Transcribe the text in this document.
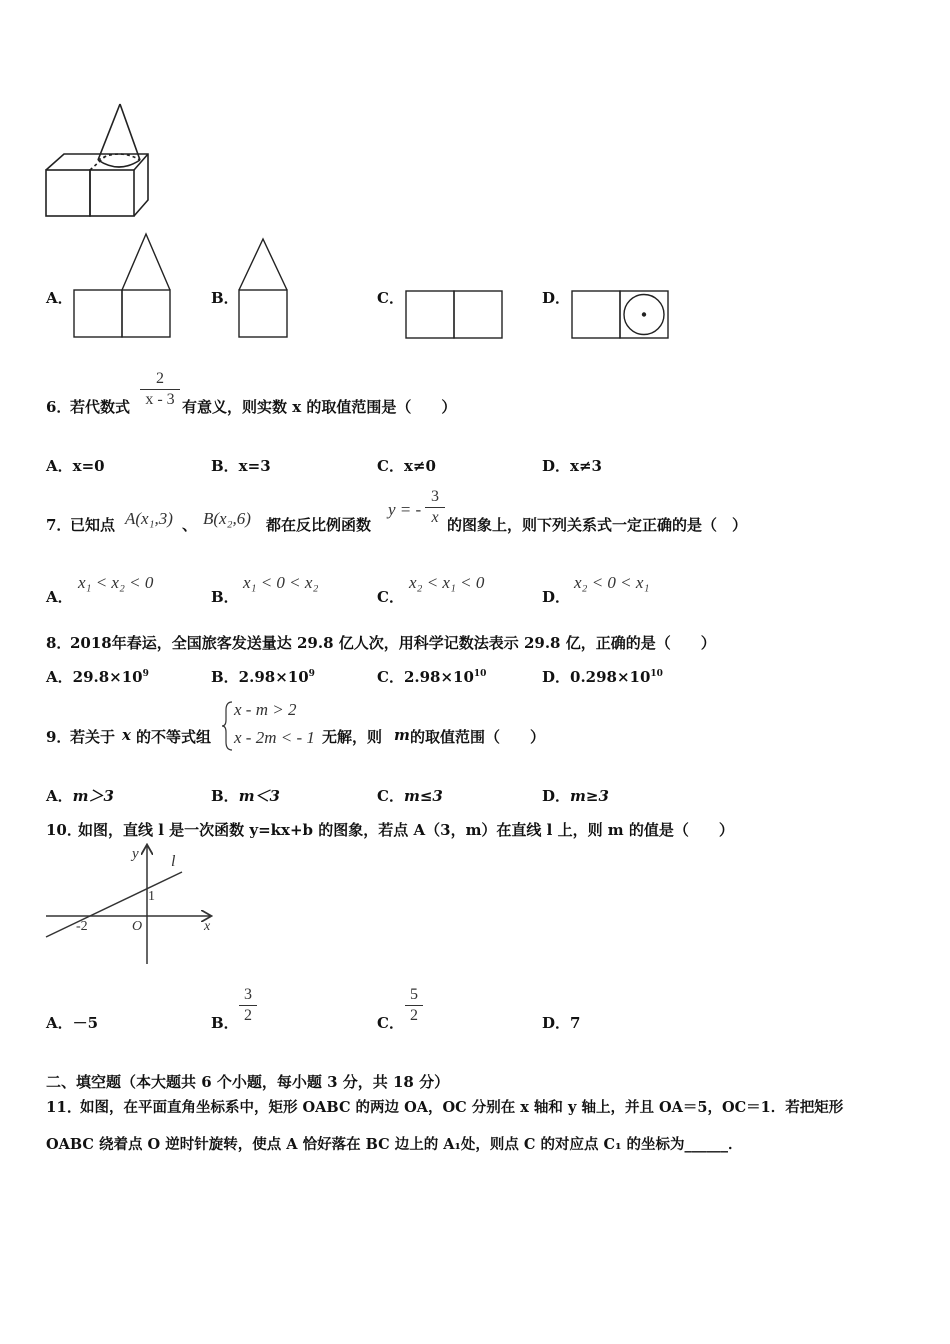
A．	B．	C．	D．
6．
若代数式
2
x - 3 有意义，则实数 x 的取值范围是（　　）
A．x=0	B．x=3	C．x≠0	D．x≠3
7．
已知点 A(x₁,3) 、 B(x₂,6) 都在反比例函数
y = -
3
x 的图象上，则下列关系式一定正确的是（　）
A．
x₁ < x₂ < 0
B．
x₁ < 0 < x₂
C．
x₂ < x₁ < 0
D．
x₂ < 0 < x₁
8．
2018年春运，全国旅客发送量达 29.8 亿人次，用科学记数法表示 29.8 亿，正确的是（　　）
A．$29.8\times 10^9$	B．$2.98\times 10^9$	C．$2.98\times 10^{10}$	D．$0.298\times 10^{10}$
9．
若关于 x 的不等式组
x - m > 2
x - 2m < - 1 无解，则 m 的取值范围（　　）
A．m＞3	B．m＜3	C．m≤3	D．m≥3
10．
如图，直线 l 是一次函数 y=kx+b 的图象，若点 A（3，m）在直线 l 上，则 m 的值是（　　）
y l
1
-2	O	x
A．－5	B．
3
2	C．
5
2	D．7
二、填空题（本大题共 6 个小题，每小题 3 分，共 18 分）
11．
如图，在平面直角坐标系中，矩形 OABC 的两边 OA，OC 分别在 x 轴和 y 轴上，并且 OA＝5，OC＝1．若把矩形
OABC 绕着点 O 逆时针旋转，使点 A 恰好落在 BC 边上的 A₁处，则点 C 的对应点 C₁ 的坐标为______．
